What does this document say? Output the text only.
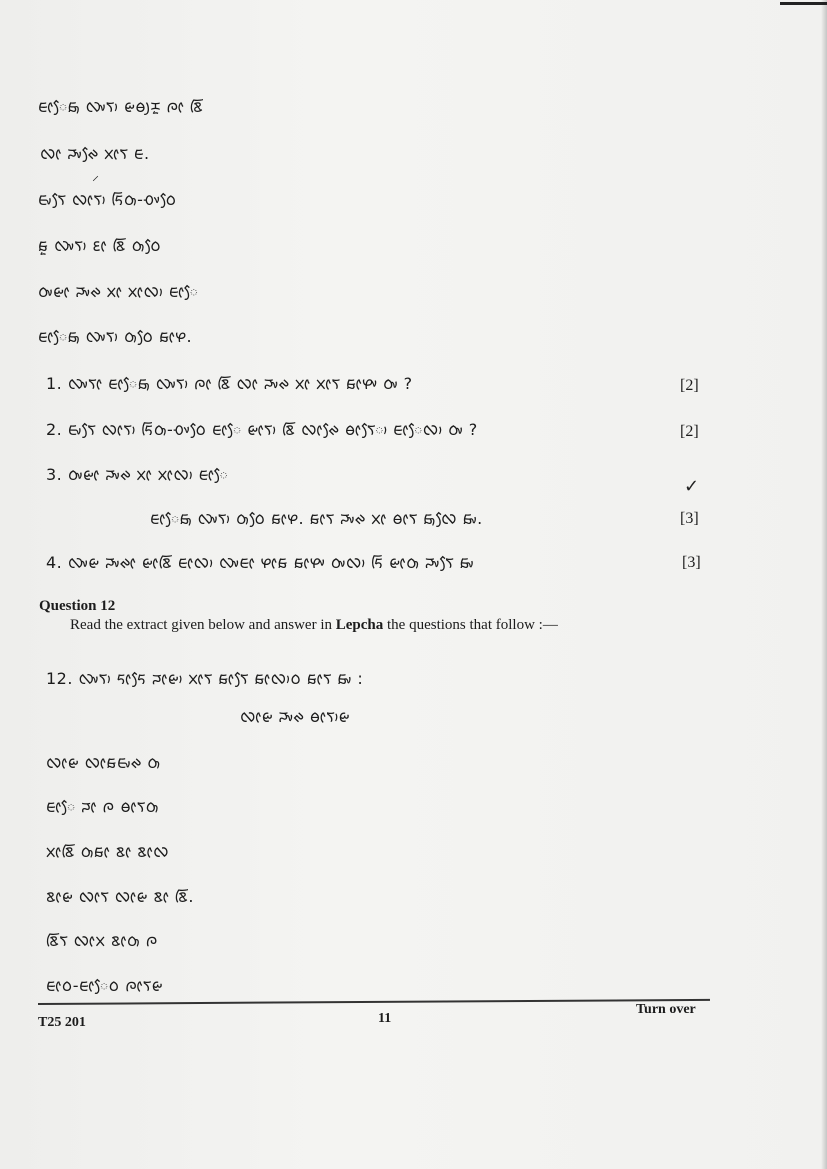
ᰀᰦᰧᰑᰥ ᰜᰤᰛᰥ ᰡᰟᰪᰌᰬ ᰍᰦ ᰣᰩ
ᰜᰦ ᰎᰤᰊᰧ ᰞᰦᰛ ᰀ.
⸝
ᰀᰤᰛᰧ ᰜᰦᰛᰥ ᰁᰩᰓᰥ-ᰆᰤᰓᰧ
ᰑᰬ ᰜᰤᰛᰥ ᰚᰦ ᰣᰩ ᰓᰥᰓᰧ
ᰓᰤᰡᰦ ᰎᰤᰊ ᰞᰦ ᰞᰦᰜᰥ ᰀᰦᰧ
ᰀᰦᰧᰑᰥ ᰜᰤᰛᰥ ᰓᰥᰓᰧ ᰑᰦᰋ.
1. ᰜᰤᰛᰦ ᰀᰦᰧᰑᰥ ᰜᰤᰛᰥ ᰍᰦ ᰣᰩ ᰜᰦ ᰎᰤᰊ ᰞᰦ ᰞᰦᰛ ᰑᰦᰋᰤ ᰓᰤ ?	[2]
2. ᰀᰤᰛᰧ ᰜᰦᰛᰥ ᰁᰩᰓᰥ-ᰆᰤᰓᰧ ᰀᰦᰧ ᰡᰦᰛᰥ ᰣᰩ ᰜᰦᰊᰧ ᰟᰦᰛᰧᰥ ᰀᰦᰧᰜᰥ ᰓᰤ ?	[2]
3. ᰓᰤᰡᰦ ᰎᰤᰊ ᰞᰦ ᰞᰦᰜᰥ ᰀᰦᰧ
✓
ᰀᰦᰧᰑᰥ ᰜᰤᰛᰥ ᰓᰥᰓᰧ ᰑᰦᰋ. ᰑᰦᰛ ᰎᰤᰊ ᰞᰦ ᰟᰦᰛ ᰑᰥᰜᰧ ᰑᰤ.	[3]
4. ᰜᰤᰡ ᰎᰤᰊᰦ ᰡᰦᰣᰩ ᰀᰦᰜᰥ ᰜᰤᰀᰦ ᰋᰦᰑ ᰑᰦᰋᰤ ᰓᰤᰜᰥ ᰁᰩ ᰡᰦᰓᰥ ᰎᰤᰛᰧ ᰑᰤ	[3]
Question 12
Read the extract given below and answer in Lepcha the questions that follow :—
12. ᰜᰤᰛᰥ ᰁᰦᰁᰧ ᰎᰦᰡᰥ ᰞᰦᰛ ᰑᰦᰛᰧ ᰑᰦᰜᰥᰓ ᰑᰦᰛ ᰑᰤ :
ᰜᰦᰡ ᰎᰤᰊ ᰟᰦᰛᰥᰡ
ᰜᰦᰡ ᰜᰦᰑᰀᰤᰊ ᰓᰥ
ᰀᰦᰧ ᰎᰦ ᰍ ᰟᰦᰛᰓᰥ
ᰞᰦᰣᰩ ᰓᰥᰑᰦ ᰣᰦ ᰣᰦᰜ
ᰣᰦᰡ ᰜᰦᰛ ᰜᰦᰡ ᰣᰦ ᰣᰩ.
ᰣᰩᰛ ᰜᰦᰞ ᰣᰦᰓᰥ ᰍ
ᰀᰦᰓ-ᰀᰦᰧᰓ ᰍᰦᰛᰡ
T25 201	11
Turn over
